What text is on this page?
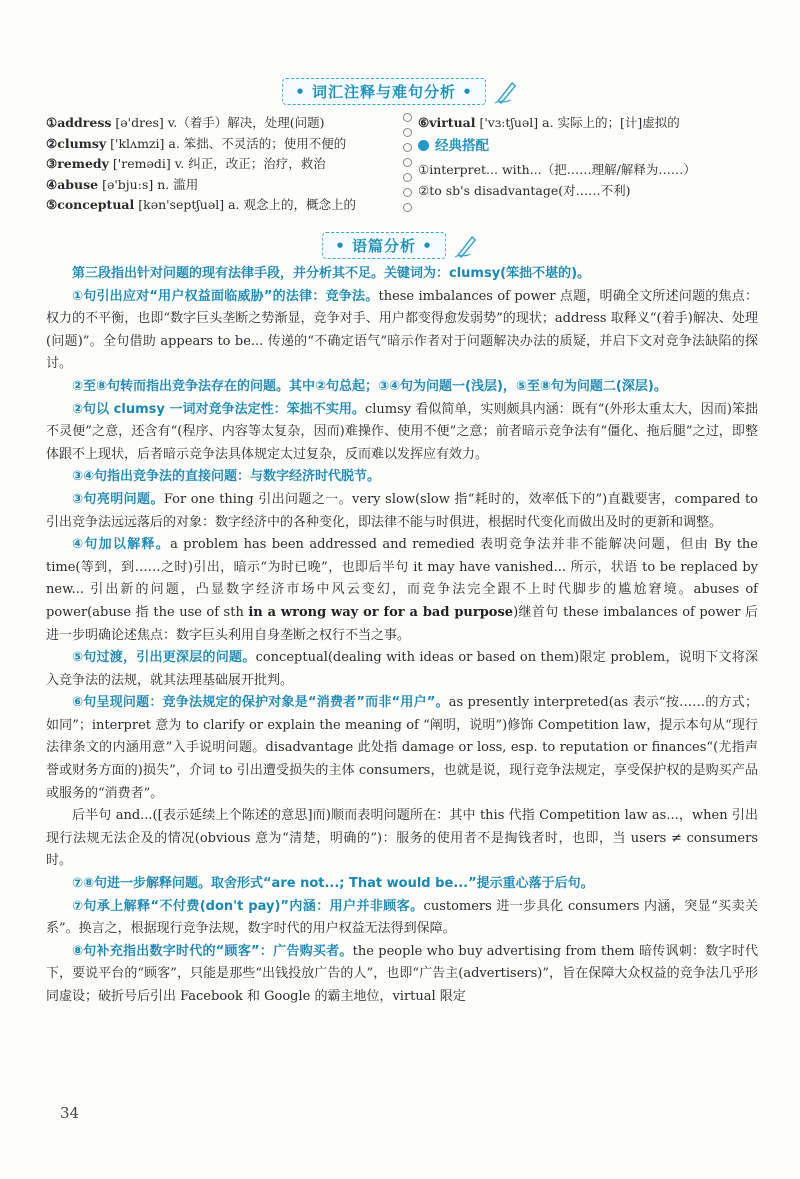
• 词汇注释与难句分析 •
①address [ə'dres] v.（着手）解决，处理(问题)
②clumsy ['klʌmzi] a. 笨拙、不灵活的；使用不便的
③remedy ['remədi] v. 纠正，改正；治疗，救治
④abuse [ə'bjuːs] n. 滥用
⑤conceptual [kən'septʃuəl] a. 观念上的，概念上的
⑥virtual ['vɜːtʃuəl] a. 实际上的；[计]虚拟的
经典搭配
①interpret... with...（把……理解/解释为……）
②to sb's disadvantage(对……不利)
• 语篇分析 •

第三段指出针对问题的现有法律手段，并分析其不足。关键词为：clumsy(笨拙不堪的)。

①句引出应对“用户权益面临威胁”的法律：竞争法。these imbalances of power 点题，明确全文所述问题的焦点：权力的不平衡，也即“数字巨头垄断之势渐显，竞争对手、用户都变得愈发弱势”的现状；address 取释义“(着手)解决、处理(问题)”。全句借助 appears to be... 传递的“不确定语气”暗示作者对于问题解决办法的质疑，并启下文对竞争法缺陷的探讨。

②至⑧句转而指出竞争法存在的问题。其中②句总起；③④句为问题一(浅层)，⑤至⑧句为问题二(深层)。

②句以 clumsy 一词对竞争法定性：笨拙不实用。clumsy 看似简单，实则颇具内涵：既有“(外形太重太大，因而)笨拙不灵便”之意，还含有“(程序、内容等太复杂，因而)难操作、使用不便”之意；前者暗示竞争法有“僵化、拖后腿”之过，即整体跟不上现状，后者暗示竞争法具体规定太过复杂，反而难以发挥应有效力。

③④句指出竞争法的直接问题：与数字经济时代脱节。

③句亮明问题。For one thing 引出问题之一。very slow(slow 指“耗时的，效率低下的”)直戳要害，compared to 引出竞争法远远落后的对象：数字经济中的各种变化，即法律不能与时俱进，根据时代变化而做出及时的更新和调整。

④句加以解释。a problem has been addressed and remedied 表明竞争法并非不能解决问题，但由 By the time(等到，到……之时)引出，暗示“为时已晚”，也即后半句 it may have vanished... 所示，状语 to be replaced by new... 引出新的问题，凸显数字经济市场中风云变幻，而竞争法完全跟不上时代脚步的尴尬窘境。abuses of power(abuse 指 the use of sth in a wrong way or for a bad purpose)继首句 these imbalances of power 后进一步明确论述焦点：数字巨头利用自身垄断之权行不当之事。

⑤句过渡，引出更深层的问题。conceptual(dealing with ideas or based on them)限定 problem，说明下文将深入竞争法的法规，就其法理基础展开批判。

⑥句呈现问题：竞争法规定的保护对象是“消费者”而非“用户”。as presently interpreted(as 表示“按……的方式；如同”；interpret 意为 to clarify or explain the meaning of “阐明，说明”)修饰 Competition law，提示本句从“现行法律条文的内涵用意”入手说明问题。disadvantage 此处指 damage or loss, esp. to reputation or finances“(尤指声誉或财务方面的)损失”，介词 to 引出遭受损失的主体 consumers，也就是说，现行竞争法规定，享受保护权的是购买产品或服务的“消费者”。

后半句 and...([表示延续上个陈述的意思]而)顺而表明问题所在：其中 this 代指 Competition law as...，when 引出现行法规无法企及的情况(obvious 意为“清楚，明确的”)：服务的使用者不是掏钱者时，也即，当 users ≠ consumers 时。

⑦⑧句进一步解释问题。取舍形式“are not...; That would be...”提示重心落于后句。

⑦句承上解释“不付费(don't pay)”内涵：用户并非顾客。customers 进一步具化 consumers 内涵，突显“买卖关系”。换言之，根据现行竞争法规，数字时代的用户权益无法得到保障。

⑧句补充指出数字时代的“顾客”：广告购买者。the people who buy advertising from them 暗传讽刺：数字时代下，要说平台的“顾客”，只能是那些“出钱投放广告的人”，也即“广告主(advertisers)”，旨在保障大众权益的竞争法几乎形同虚设；破折号后引出 Facebook 和 Google 的霸主地位，virtual 限定

34
